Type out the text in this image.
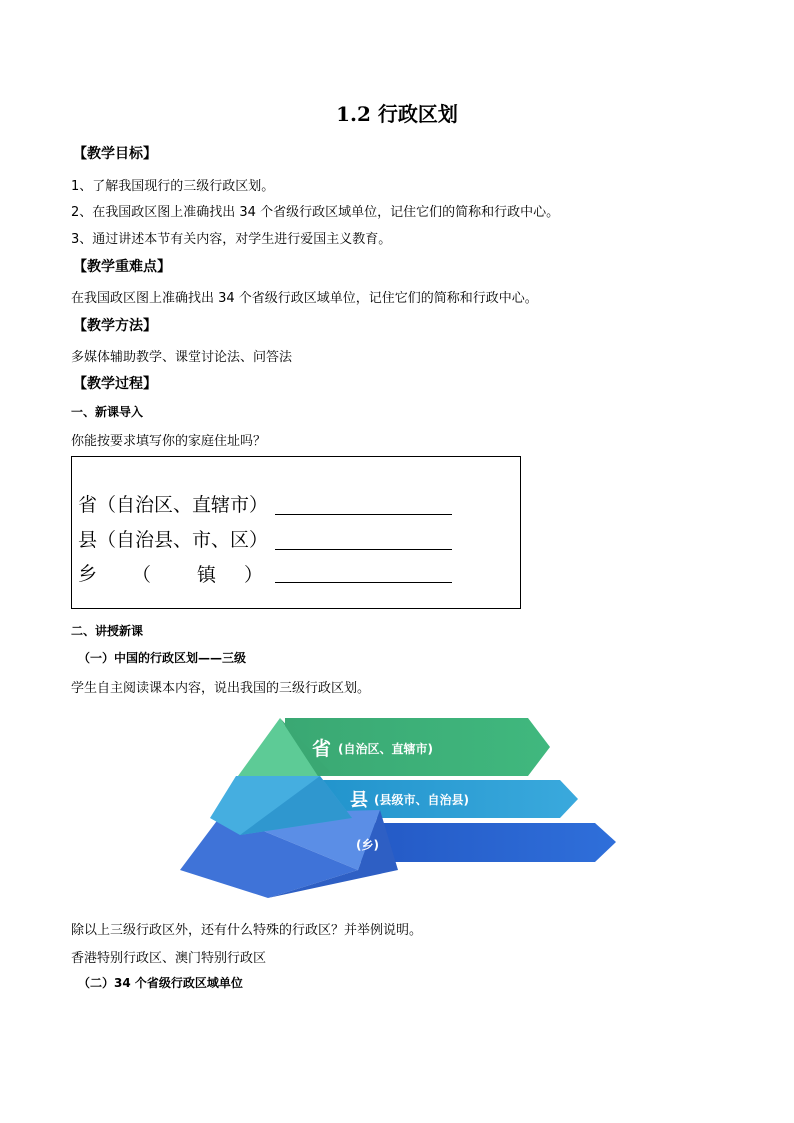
1.2 行政区划
【教学目标】
1、了解我国现行的三级行政区划。
2、在我国政区图上准确找出 34 个省级行政区域单位，记住它们的简称和行政中心。
3、通过讲述本节有关内容，对学生进行爱国主义教育。
【教学重难点】
在我国政区图上准确找出 34 个省级行政区域单位，记住它们的简称和行政中心。
【教学方法】
多媒体辅助教学、课堂讨论法、问答法
【教学过程】
一、新课导入
你能按要求填写你的家庭住址吗？
省（自治区、直辖市）
县（自治县、市、区）
乡 （ 镇 ）
二、讲授新课
（一）中国的行政区划——三级
学生自主阅读课本内容，说出我国的三级行政区划。
省 (自治区、直辖市)
县 (县级市、自治县)
(乡)
除以上三级行政区外，还有什么特殊的行政区？并举例说明。
香港特别行政区、澳门特别行政区
（二）34 个省级行政区域单位
